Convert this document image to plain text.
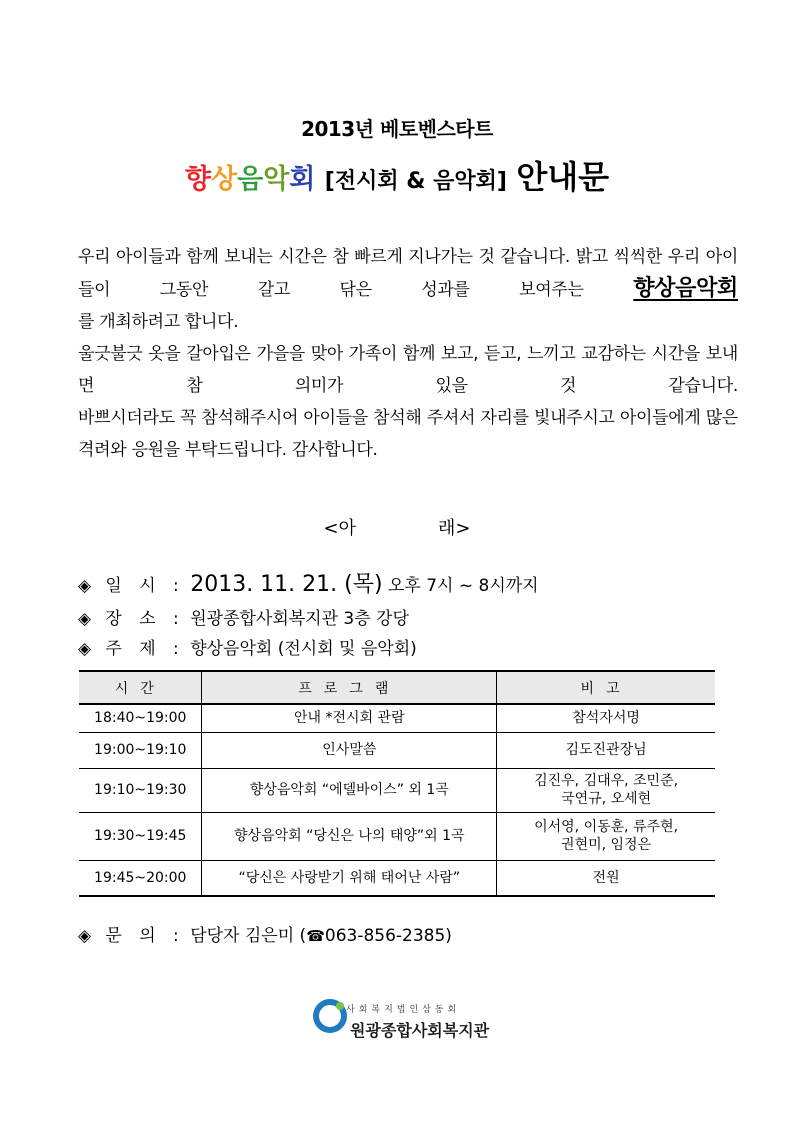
2013년 베토벤스타트
향상음악회 [전시회 & 음악회] 안내문

우리 아이들과 함께 보내는 시간은 참 빠르게 지나가는 것 같습니다. 밝고 씩씩한 우리 아이들이 그동안 갈고 닦은 성과를 보여주는 향상음악회

를 개최하려고 합니다.

울긋불긋 옷을 갈아입은 가을을 맞아 가족이 함께 보고, 듣고, 느끼고 교감하는 시간을 보내면 참 의미가 있을 것 같습니다.

바쁘시더라도 꼭 참석해주시어 아이들을 참석해 주셔서 자리를 빛내주시고 아이들에게 많은 격려와 응원을 부탁드립니다. 감사합니다.

<아	래>
◈ 일 시 : 2013. 11. 21. (목) 오후 7시 ~ 8시까지
◈ 장 소 : 원광종합사회복지관 3층 강당
◈ 주 제 : 향상음악회 (전시회 및 음악회)
시간	프로그램	비고
18:40~19:00	안내 *전시회 관람	참석자서명

19:00~19:10	인사말씀	김도진관장님

19:10~19:30	향상음악회 “에델바이스” 외 1곡	김진우, 김대우, 조민준,
국연규, 오세현

19:30~19:45	향상음악회 “당신은 나의 태양”외 1곡	이서영, 이동훈, 류주현,
권현미, 임정은

19:45~20:00	“당신은 사랑받기 위해 태어난 사람”	전원
◈ 문 의 : 담당자 김은미 (☎063-856-2385)
사회복지법인삼동회
원광종합사회복지관
